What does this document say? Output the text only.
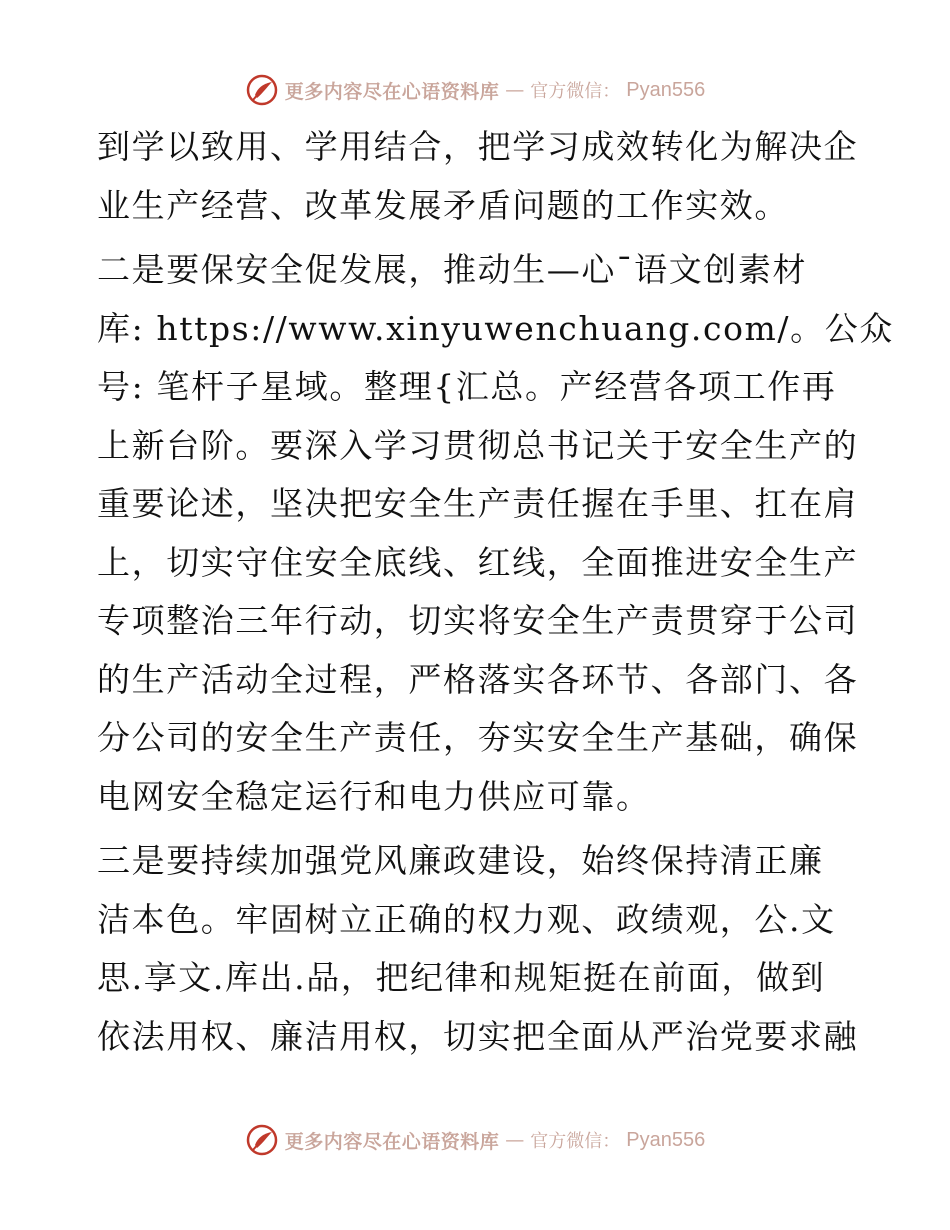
更多内容尽在心语资料库 — 官方微信： Pyan556

到学以致用、学用结合，把学习成效转化为解决企
业生产经营、改革发展矛盾问题的工作实效。

二是要保安全促发展，推动生—心¯语文创素材
库: https://www.xinyuwenchuang.com/。公众
号: 笔杆子星域。整理{汇总。产经营各项工作再
上新台阶。要深入学习贯彻总书记关于安全生产的
重要论述，坚决把安全生产责任握在手里、扛在肩
上，切实守住安全底线、红线，全面推进安全生产
专项整治三年行动，切实将安全生产责贯穿于公司
的生产活动全过程，严格落实各环节、各部门、各
分公司的安全生产责任，夯实安全生产基础，确保
电网安全稳定运行和电力供应可靠。

三是要持续加强党风廉政建设，始终保持清正廉
洁本色。牢固树立正确的权力观、政绩观，公.文
思.享文.库出.品，把纪律和规矩挺在前面，做到
依法用权、廉洁用权，切实把全面从严治党要求融

更多内容尽在心语资料库 — 官方微信： Pyan556
